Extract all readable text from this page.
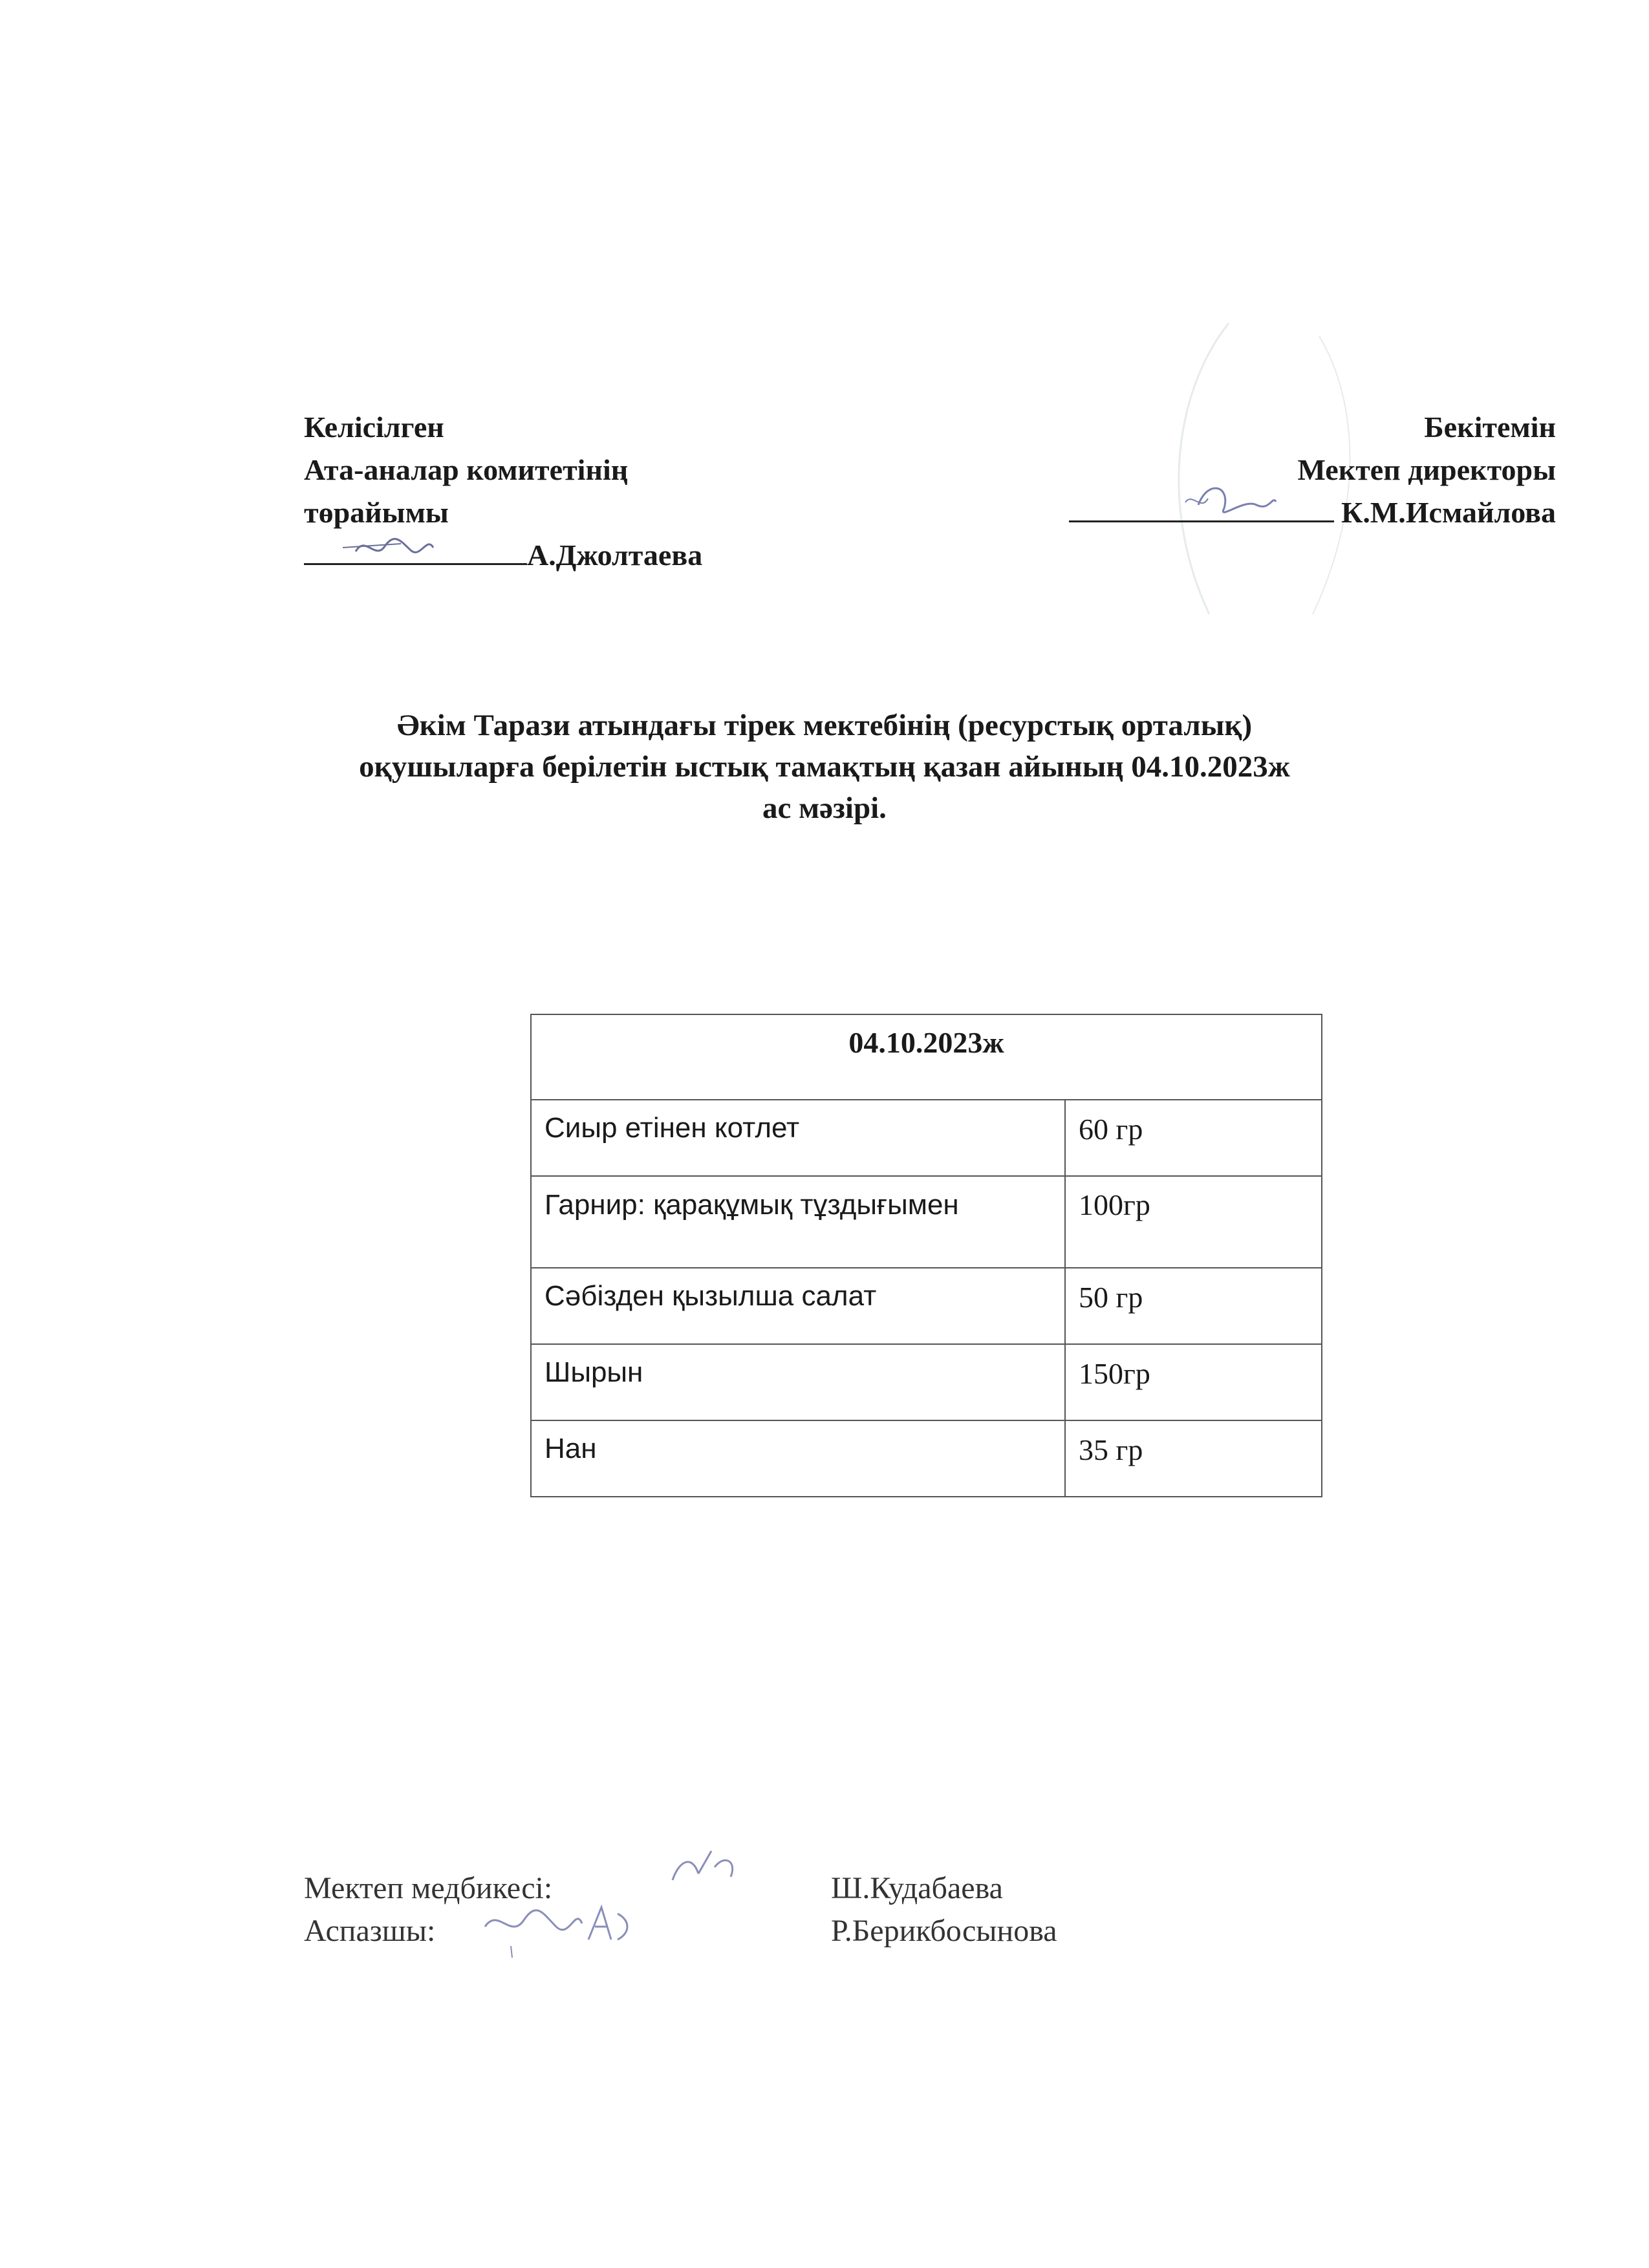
Келісілген
Ата-аналар комитетінің
төрайымы
А.Джолтаева
Бекітемін
Мектеп директоры
К.М.Исмайлова
Әкім Тарази атындағы тірек мектебінің (ресурстық орталық)
оқушыларға берілетін ыстық тамақтың қазан айының 04.10.2023ж
ас мәзірі.
04.10.2023ж	
Сиыр етінен котлет	60 гр
Гарнир: қарақұмық тұздығымен	100гр
Сәбізден қызылша салат	50 гр
Шырын	150гр
Нан	35 гр
Мектеп медбикесі:	Ш.Кудабаева
Аспазшы:	Р.Берикбосынова
